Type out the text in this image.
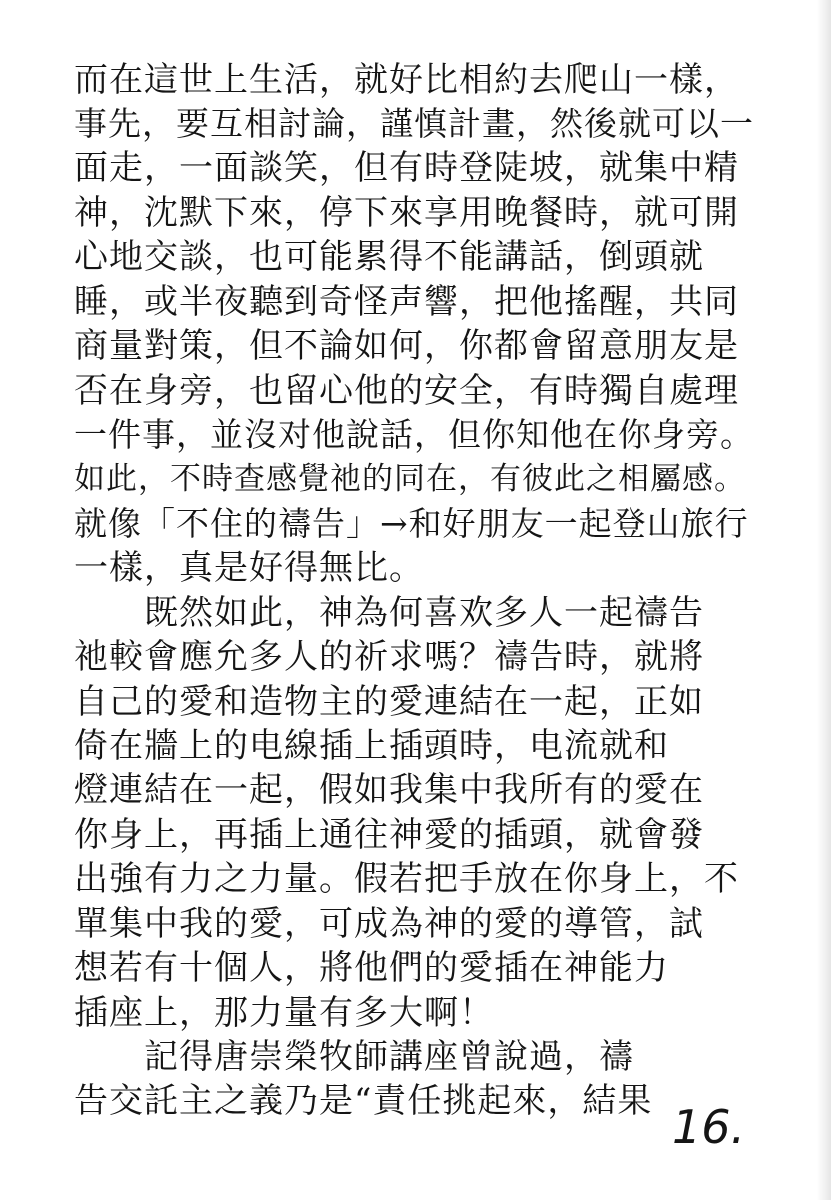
而在這世上生活，就好比相約去爬山一樣，
事先，要互相討論，謹慎計畫，然後就可以一
面走，一面談笑，但有時登陡坡，就集中精
神，沈默下來，停下來享用晚餐時，就可開
心地交談，也可能累得不能講話，倒頭就
睡，或半夜聽到奇怪声響，把他搖醒，共同
商量對策，但不論如何，你都會留意朋友是
否在身旁，也留心他的安全，有時獨自處理
一件事，並沒对他說話，但你知他在你身旁。
如此，不時查感覺祂的同在，有彼此之相屬感。
就像「不住的禱告」→和好朋友一起登山旅行
一樣，真是好得無比。
　　既然如此，神為何喜欢多人一起禱告
祂較會應允多人的祈求嗎？禱告時，就將
自己的愛和造物主的愛連結在一起，正如
倚在牆上的电線插上插頭時，电流就和
燈連結在一起，假如我集中我所有的愛在
你身上，再插上通往神愛的插頭，就會發
出強有力之力量。假若把手放在你身上，不
單集中我的愛，可成為神的愛的導管，試
想若有十個人，將他們的愛插在神能力
插座上，那力量有多大啊！
　　記得唐崇榮牧師講座曾說過，禱
告交託主之義乃是“責任挑起來，結果 16.
